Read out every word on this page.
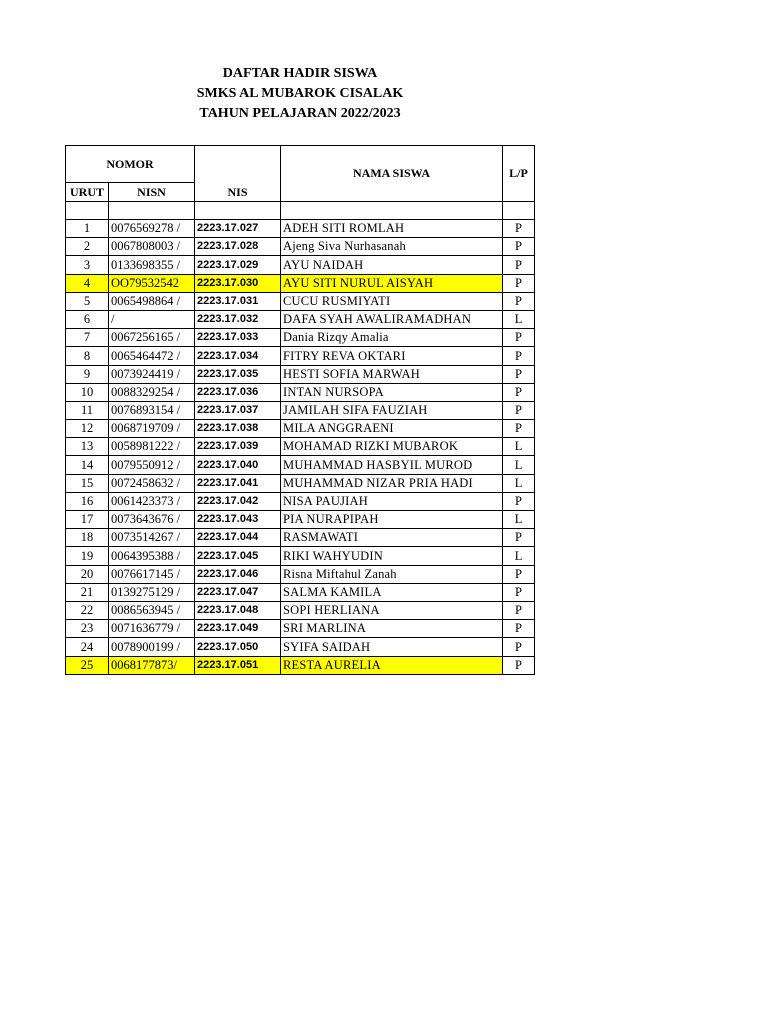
DAFTAR HADIR SISWA
SMKS AL MUBAROK CISALAK
TAHUN PELAJARAN 2022/2023
NOMOR		NIS	NAMA SISWA	L/P
URUT	NISN			

1	0076569278 /	2223.17.027	ADEH SITI ROMLAH	P
2	0067808003 /	2223.17.028	Ajeng Siva Nurhasanah	P
3	0133698355 /	2223.17.029	AYU NAIDAH	P
4	OO79532542	2223.17.030	AYU SITI NURUL AISYAH	P
5	0065498864 /	2223.17.031	CUCU RUSMIYATI	P
6	/	2223.17.032	DAFA SYAH AWALIRAMADHAN	L
7	0067256165 /	2223.17.033	Dania Rizqy Amalia	P
8	0065464472 /	2223.17.034	FITRY REVA OKTARI	P
9	0073924419 /	2223.17.035	HESTI SOFIA MARWAH	P
10	0088329254 /	2223.17.036	INTAN NURSOPA	P
11	0076893154 /	2223.17.037	JAMILAH SIFA FAUZIAH	P
12	0068719709 /	2223.17.038	MILA ANGGRAENI	P
13	0058981222 /	2223.17.039	MOHAMAD RIZKI MUBAROK	L
14	0079550912 /	2223.17.040	MUHAMMAD HASBYIL MUROD	L
15	0072458632 /	2223.17.041	MUHAMMAD NIZAR PRIA HADI	L
16	0061423373 /	2223.17.042	NISA PAUJIAH	P
17	0073643676 /	2223.17.043	PIA NURAPIPAH	L
18	0073514267 /	2223.17.044	RASMAWATI	P
19	0064395388 /	2223.17.045	RIKI WAHYUDIN	L
20	0076617145 /	2223.17.046	Risna Miftahul Zanah	P
21	0139275129 /	2223.17.047	SALMA KAMILA	P
22	0086563945 /	2223.17.048	SOPI HERLIANA	P
23	0071636779 /	2223.17.049	SRI MARLINA	P
24	0078900199 /	2223.17.050	SYIFA SAIDAH	P
25	0068177873/	2223.17.051	RESTA AURELIA	P
